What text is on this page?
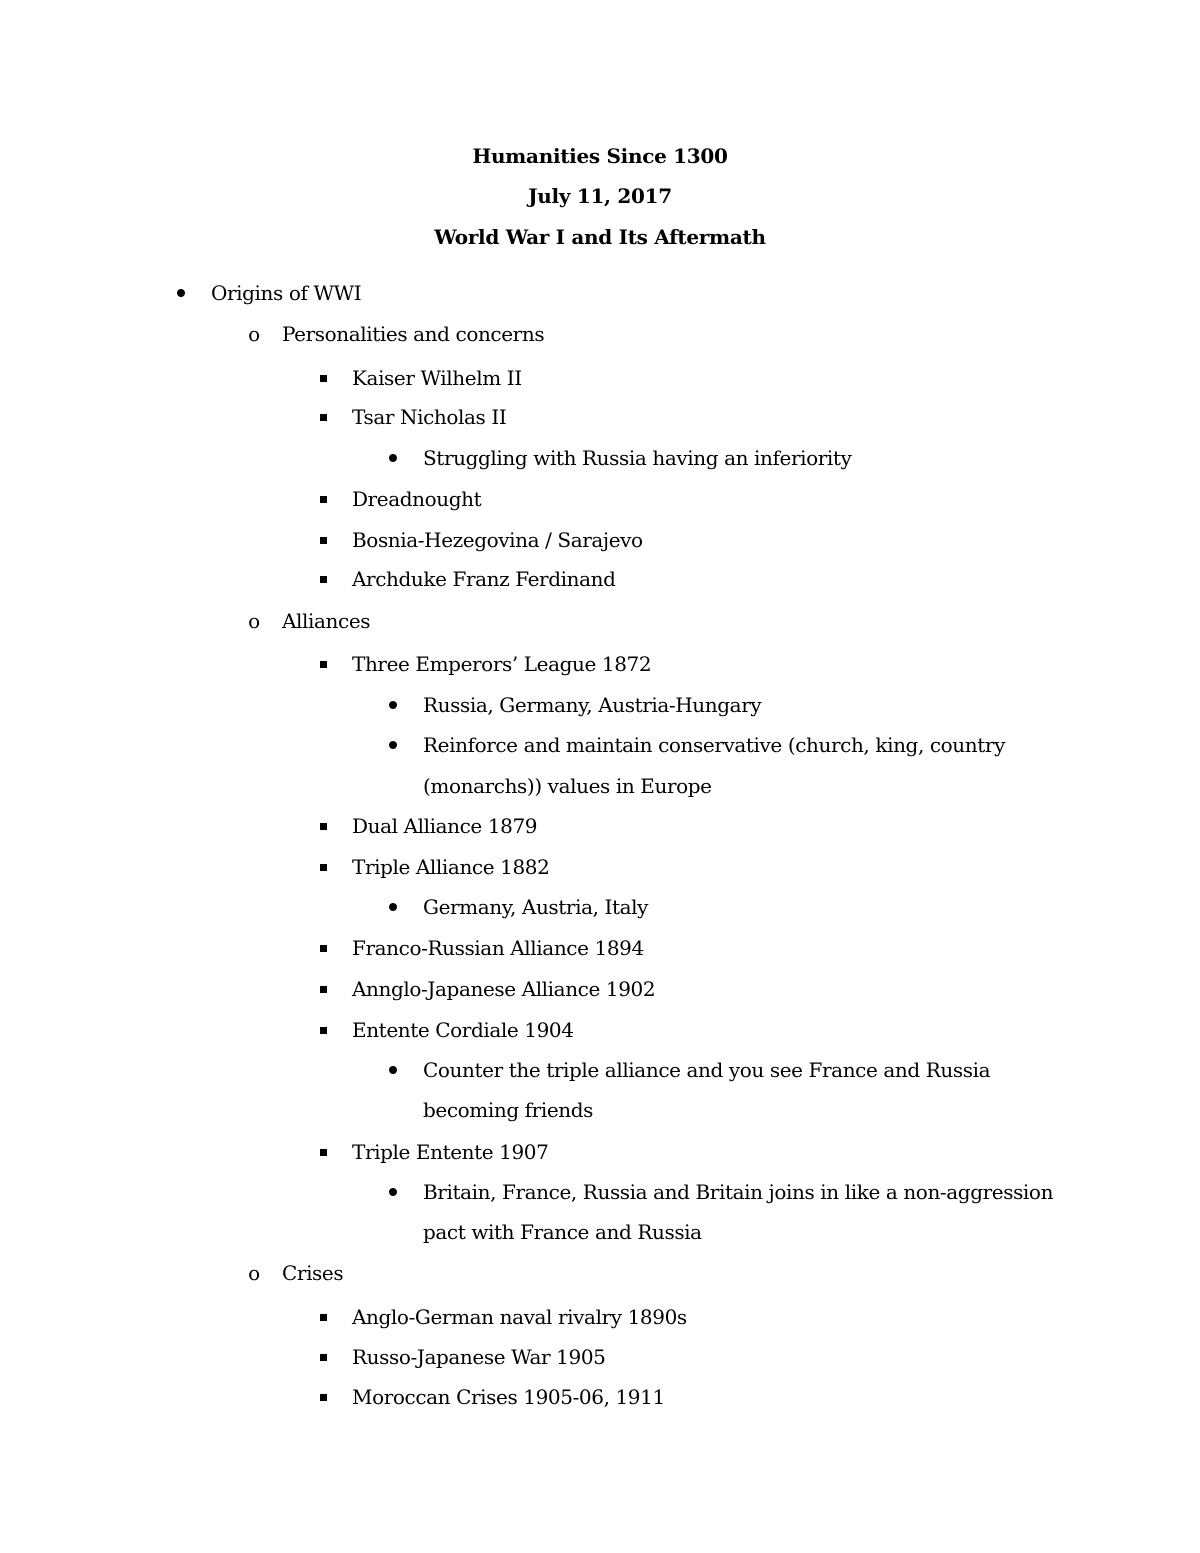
Humanities Since 1300
July 11, 2017
World War I and Its Aftermath
Origins of WWI
o Personalities and concerns
Kaiser Wilhelm II
Tsar Nicholas II
Struggling with Russia having an inferiority
Dreadnought
Bosnia-Hezegovina / Sarajevo
Archduke Franz Ferdinand
o Alliances
Three Emperors’ League 1872
Russia, Germany, Austria-Hungary
Reinforce and maintain conservative (church, king, country
(monarchs)) values in Europe
Dual Alliance 1879
Triple Alliance 1882
Germany, Austria, Italy
Franco-Russian Alliance 1894
Annglo-Japanese Alliance 1902
Entente Cordiale 1904
Counter the triple alliance and you see France and Russia
becoming friends
Triple Entente 1907
Britain, France, Russia and Britain joins in like a non-aggression
pact with France and Russia
o Crises
Anglo-German naval rivalry 1890s
Russo-Japanese War 1905
Moroccan Crises 1905-06, 1911
